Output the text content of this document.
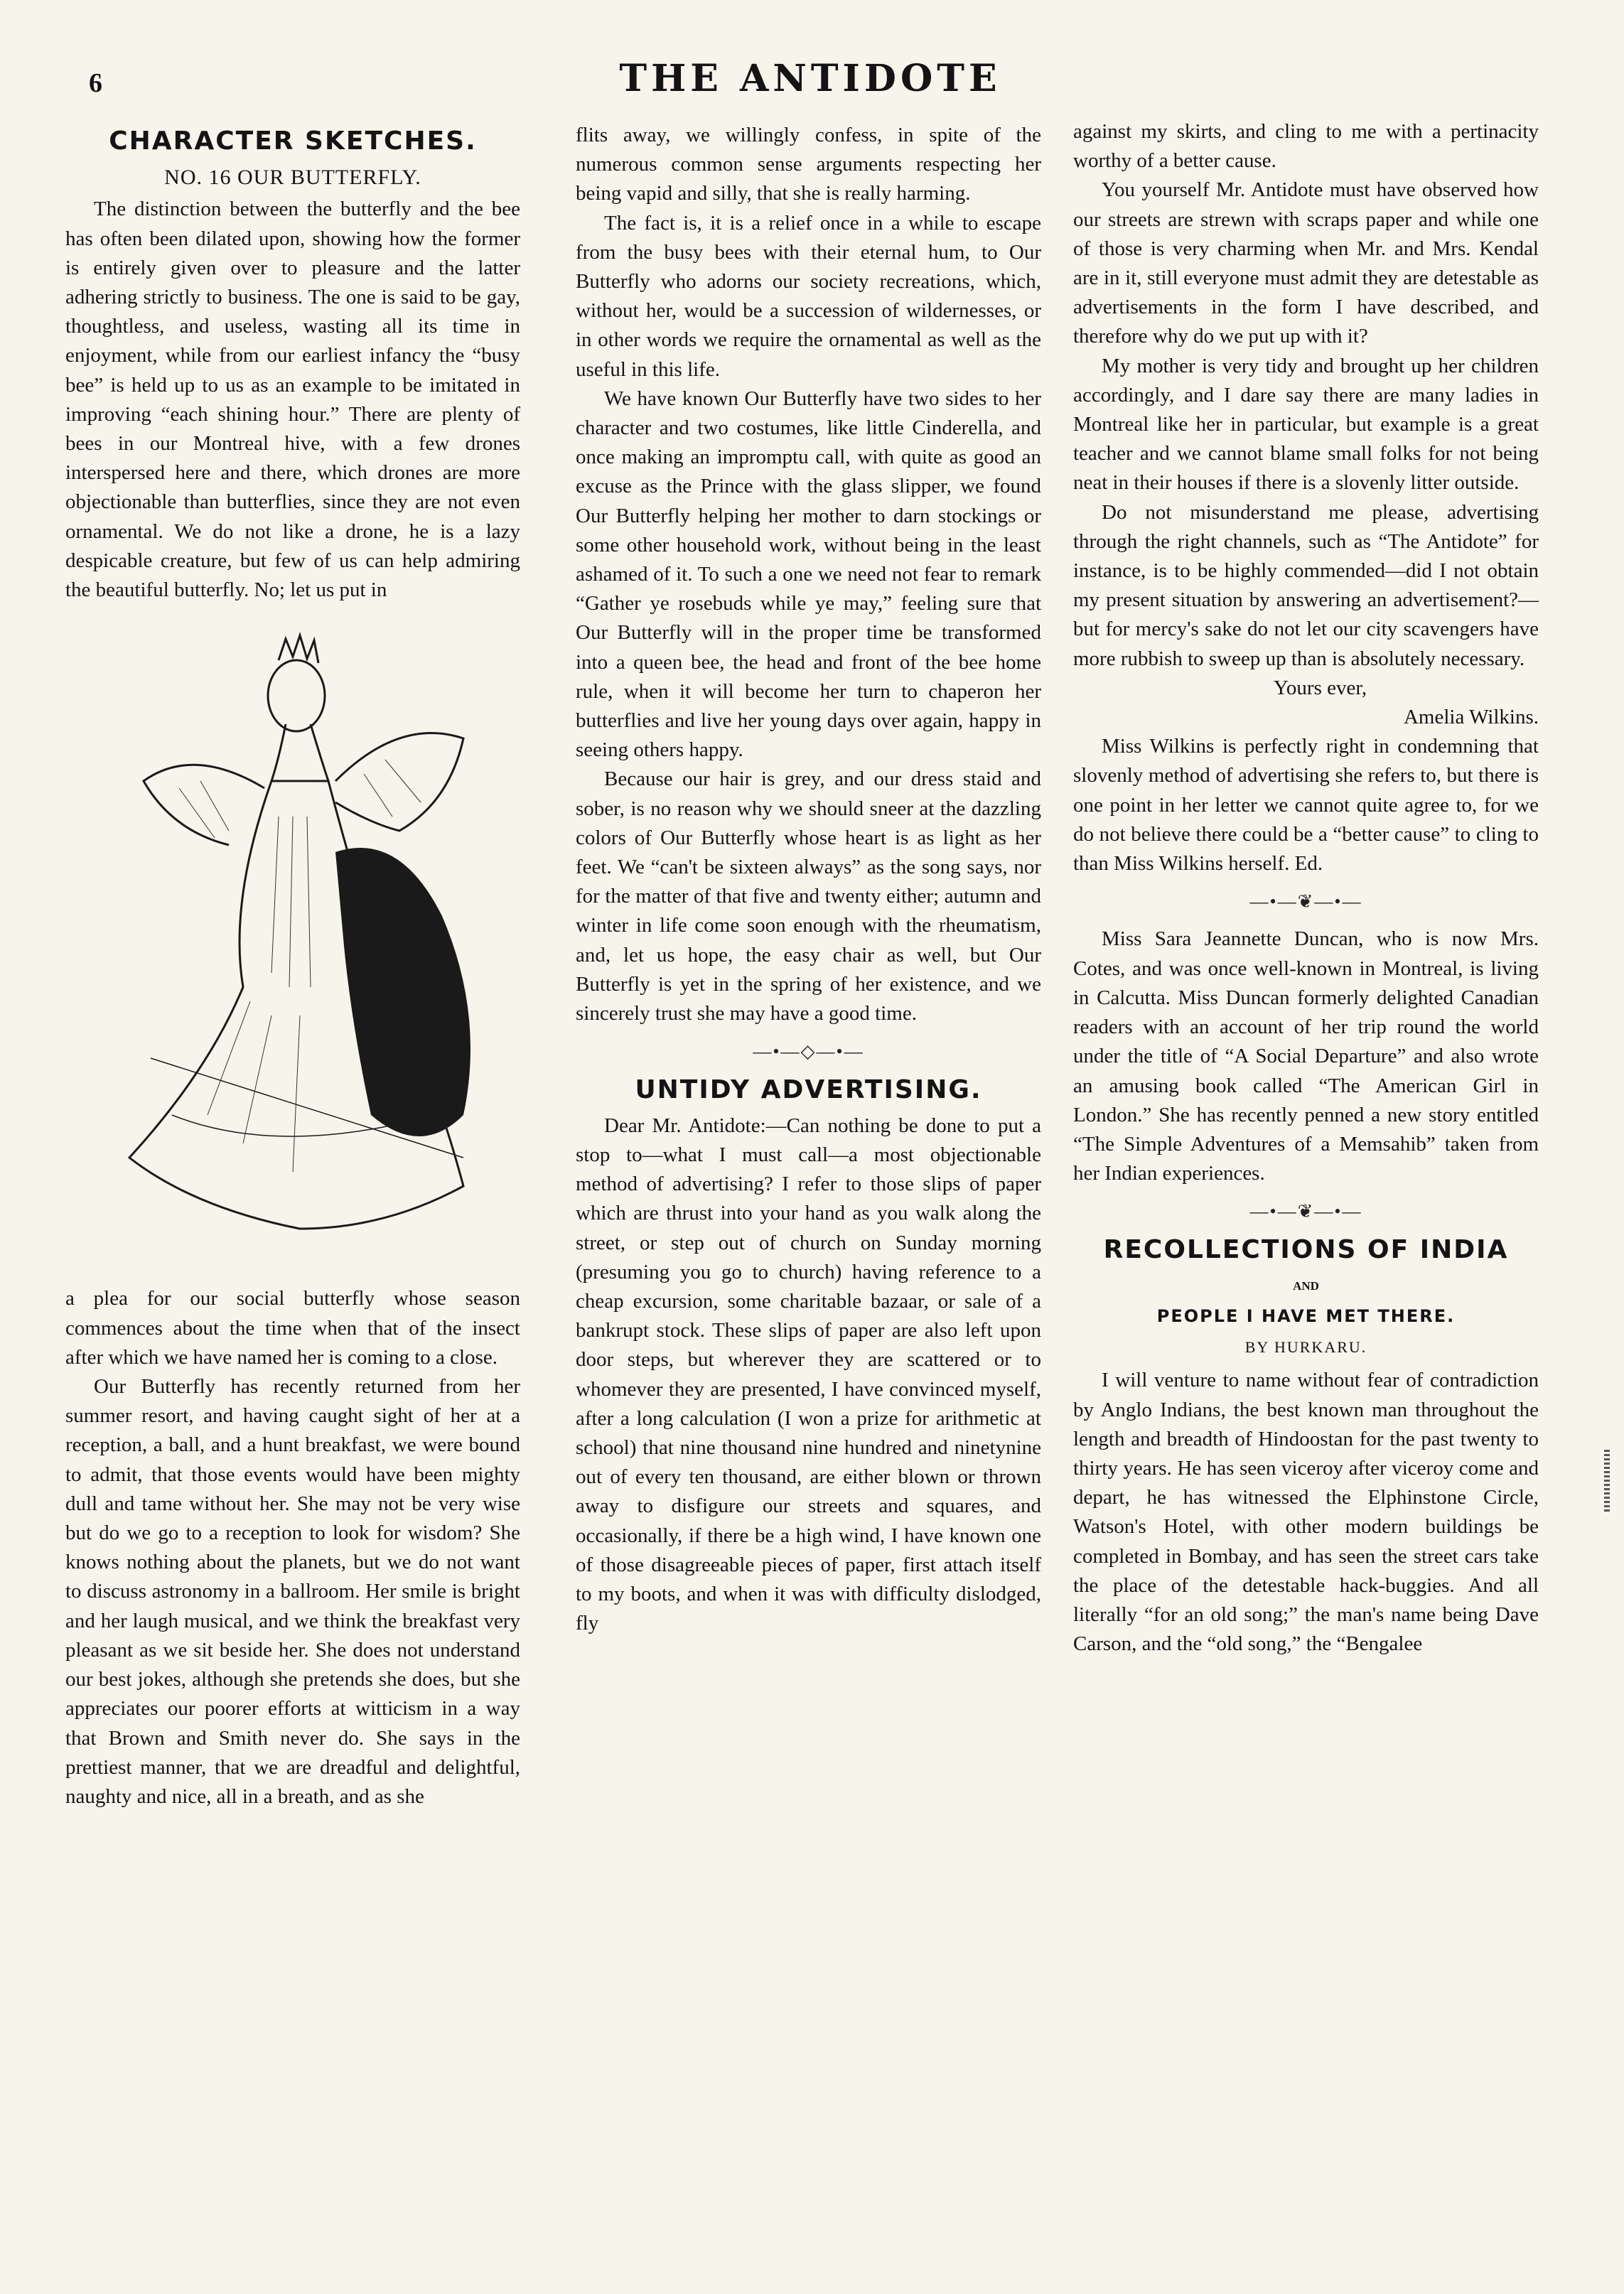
6	THE ANTIDOTE
CHARACTER SKETCHES.
NO. 16 OUR BUTTERFLY.

The distinction between the butterfly and the bee has often been dilated upon, showing how the former is entirely given over to pleasure and the latter adhering strictly to business. The one is said to be gay, thoughtless, and useless, wasting all its time in enjoyment, while from our earliest infancy the “busy bee” is held up to us as an example to be imitated in improving “each shining hour.” There are plenty of bees in our Montreal hive, with a few drones interspersed here and there, which drones are more objectionable than butterflies, since they are not even ornamental. We do not like a drone, he is a lazy despicable creature, but few of us can help admiring the beautiful butterfly. No; let us put in

a plea for our social butterfly whose season commences about the time when that of the insect after which we have named her is coming to a close.

Our Butterfly has recently returned from her summer resort, and having caught sight of her at a reception, a ball, and a hunt breakfast, we were bound to admit, that those events would have been mighty dull and tame without her. She may not be very wise but do we go to a reception to look for wisdom? She knows nothing about the planets, but we do not want to discuss astronomy in a ballroom. Her smile is bright and her laugh musical, and we think the breakfast very pleasant as we sit beside her. She does not understand our best jokes, although she pretends she does, but she appreciates our poorer efforts at witticism in a way that Brown and Smith never do. She says in the prettiest manner, that we are dreadful and delightful, naughty and nice, all in a breath, and as she

flits away, we willingly confess, in spite of the numerous common sense arguments respecting her being vapid and silly, that she is really harming.

The fact is, it is a relief once in a while to escape from the busy bees with their eternal hum, to Our Butterfly who adorns our society recreations, which, without her, would be a succession of wildernesses, or in other words we require the ornamental as well as the useful in this life.

We have known Our Butterfly have two sides to her character and two costumes, like little Cinderella, and once making an impromptu call, with quite as good an excuse as the Prince with the glass slipper, we found Our Butterfly helping her mother to darn stockings or some other household work, without being in the least ashamed of it. To such a one we need not fear to remark “Gather ye rosebuds while ye may,” feeling sure that Our Butterfly will in the proper time be transformed into a queen bee, the head and front of the bee home rule, when it will become her turn to chaperon her butterflies and live her young days over again, happy in seeing others happy.

Because our hair is grey, and our dress staid and sober, is no reason why we should sneer at the dazzling colors of Our Butterfly whose heart is as light as her feet. We “can't be sixteen always” as the song says, nor for the matter of that five and twenty either; autumn and winter in life come soon enough with the rheumatism, and, let us hope, the easy chair as well, but Our Butterfly is yet in the spring of her existence, and we sincerely trust she may have a good time.

—•—◇—•—
UNTIDY ADVERTISING.

Dear Mr. Antidote:—Can nothing be done to put a stop to—what I must call—a most objectionable method of advertising? I refer to those slips of paper which are thrust into your hand as you walk along the street, or step out of church on Sunday morning (presuming you go to church) having reference to a cheap excursion, some charitable bazaar, or sale of a bankrupt stock. These slips of paper are also left upon door steps, but wherever they are scattered or to whomever they are presented, I have convinced myself, after a long calculation (I won a prize for arithmetic at school) that nine thousand nine hundred and ninetynine out of every ten thousand, are either blown or thrown away to disfigure our streets and squares, and occasionally, if there be a high wind, I have known one of those disagreeable pieces of paper, first attach itself to my boots, and when it was with difficulty dislodged, fly

against my skirts, and cling to me with a pertinacity worthy of a better cause.

You yourself Mr. Antidote must have observed how our streets are strewn with scraps paper and while one of those is very charming when Mr. and Mrs. Kendal are in it, still everyone must admit they are detestable as advertisements in the form I have described, and therefore why do we put up with it?

My mother is very tidy and brought up her children accordingly, and I dare say there are many ladies in Montreal like her in particular, but example is a great teacher and we cannot blame small folks for not being neat in their houses if there is a slovenly litter outside.

Do not misunderstand me please, advertising through the right channels, such as “The Antidote” for instance, is to be highly commended—did I not obtain my present situation by answering an advertisement?—but for mercy's sake do not let our city scavengers have more rubbish to sweep up than is absolutely necessary.

Yours ever,

Amelia Wilkins.

Miss Wilkins is perfectly right in condemning that slovenly method of advertising she refers to, but there is one point in her letter we cannot quite agree to, for we do not believe there could be a “better cause” to cling to than Miss Wilkins herself. Ed.

—•—❦—•—

Miss Sara Jeannette Duncan, who is now Mrs. Cotes, and was once well-known in Montreal, is living in Calcutta. Miss Duncan formerly delighted Canadian readers with an account of her trip round the world under the title of “A Social Departure” and also wrote an amusing book called “The American Girl in London.” She has recently penned a new story entitled “The Simple Adventures of a Memsahib” taken from her Indian experiences.

—•—❦—•—
RECOLLECTIONS OF INDIA
AND
PEOPLE I HAVE MET THERE.
BY HURKARU.

I will venture to name without fear of contradiction by Anglo Indians, the best known man throughout the length and breadth of Hindoostan for the past twenty to thirty years. He has seen viceroy after viceroy come and depart, he has witnessed the Elphinstone Circle, Watson's Hotel, with other modern buildings be completed in Bombay, and has seen the street cars take the place of the detestable hack-buggies. And all literally “for an old song;” the man's name being Dave Carson, and the “old song,” the “Bengalee
